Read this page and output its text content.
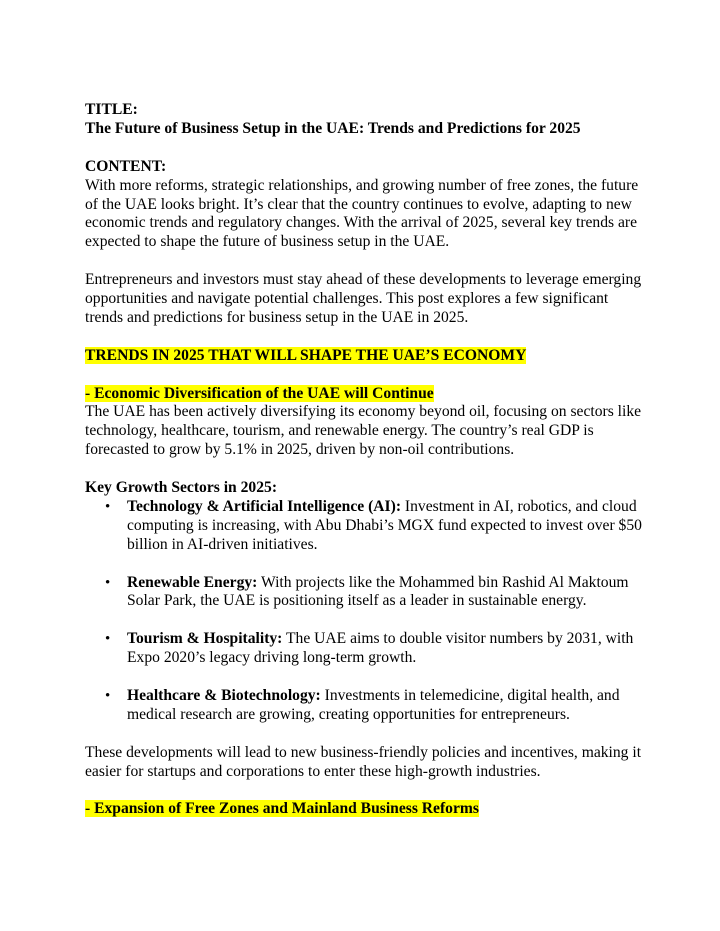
TITLE:

The Future of Business Setup in the UAE: Trends and Predictions for 2025

CONTENT:

With more reforms, strategic relationships, and growing number of free zones, the future of the UAE looks bright. It’s clear that the country continues to evolve, adapting to new economic trends and regulatory changes. With the arrival of 2025, several key trends are expected to shape the future of business setup in the UAE.

Entrepreneurs and investors must stay ahead of these developments to leverage emerging opportunities and navigate potential challenges. This post explores a few significant trends and predictions for business setup in the UAE in 2025.

TRENDS IN 2025 THAT WILL SHAPE THE UAE’S ECONOMY

- Economic Diversification of the UAE will Continue

The UAE has been actively diversifying its economy beyond oil, focusing on sectors like technology, healthcare, tourism, and renewable energy. The country’s real GDP is forecasted to grow by 5.1% in 2025, driven by non-oil contributions.

Key Growth Sectors in 2025:

• Technology & Artificial Intelligence (AI): Investment in AI, robotics, and cloud computing is increasing, with Abu Dhabi’s MGX fund expected to invest over $50 billion in AI-driven initiatives.
• Renewable Energy: With projects like the Mohammed bin Rashid Al Maktoum Solar Park, the UAE is positioning itself as a leader in sustainable energy.
• Tourism & Hospitality: The UAE aims to double visitor numbers by 2031, with Expo 2020’s legacy driving long-term growth.
• Healthcare & Biotechnology: Investments in telemedicine, digital health, and medical research are growing, creating opportunities for entrepreneurs.

These developments will lead to new business-friendly policies and incentives, making it easier for startups and corporations to enter these high-growth industries.

- Expansion of Free Zones and Mainland Business Reforms
